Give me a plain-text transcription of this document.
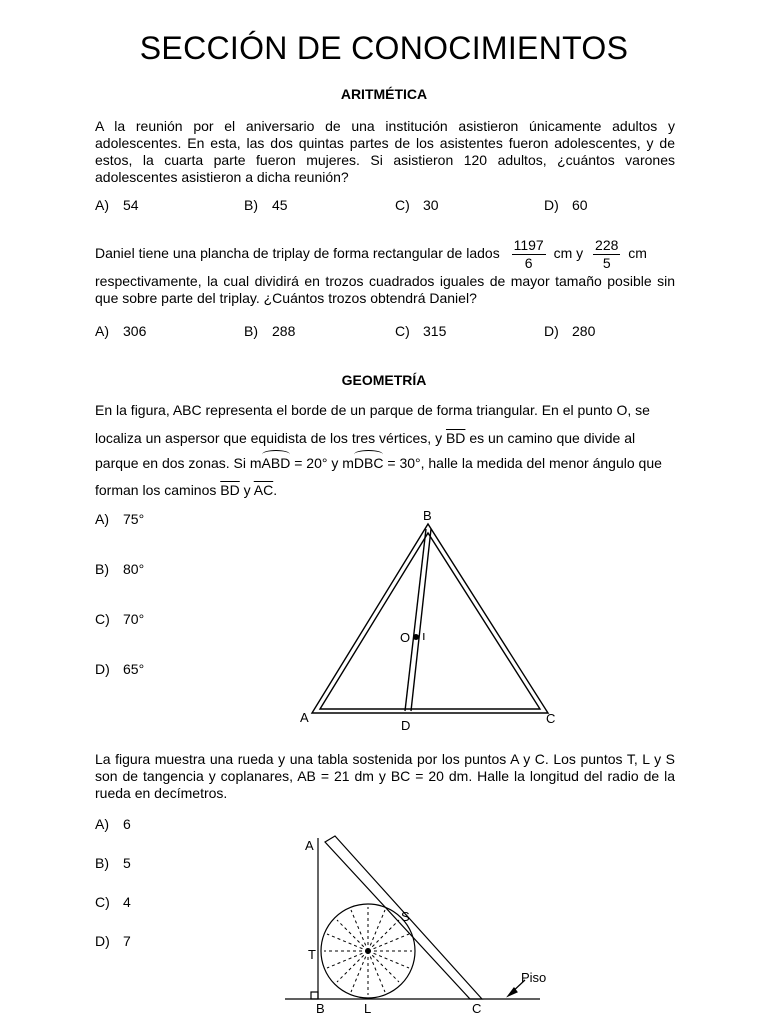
SECCIÓN DE CONOCIMIENTOS
ARITMÉTICA
A la reunión por el aniversario de una institución asistieron únicamente adultos y adolescentes. En esta, las dos quintas partes de los asistentes fueron adolescentes, y de estos, la cuarta parte fueron mujeres. Si asistieron 120 adultos, ¿cuántos varones adolescentes asistieron a dicha reunión?
A) 54	B) 45	C) 30	D) 60
Daniel tiene una plancha de triplay de forma rectangular de lados $\frac{1197}{6}$ cm y $\frac{228}{5}$ cm
respectivamente, la cual dividirá en trozos cuadrados iguales de mayor tamaño posible sin que sobre parte del triplay. ¿Cuántos trozos obtendrá Daniel?
A) 306	B) 288	C) 315	D) 280
GEOMETRÍA
En la figura, ABC representa el borde de un parque de forma triangular. En el punto O, se
localiza un aspersor que equidista de los tres vértices, y $\overline{BD}$ es un camino que divide al
parque en dos zonas. Si mABD = 20° y mDBC = 30°, halle la medida del menor ángulo que
forman los caminos $\overline{BD}$ y $\overline{AC}$.
A) 75°
B) 80°
C) 70°
D) 65°
ı
B
A	C
D
O
La figura muestra una rueda y una tabla sostenida por los puntos A y C. Los puntos T, L y S son de tangencia y coplanares, AB = 21 dm y BC = 20 dm. Halle la longitud del radio de la rueda en decímetros.
A) 6
B) 5
C) 4
D) 7
A
S
T
B	L	C
Piso
